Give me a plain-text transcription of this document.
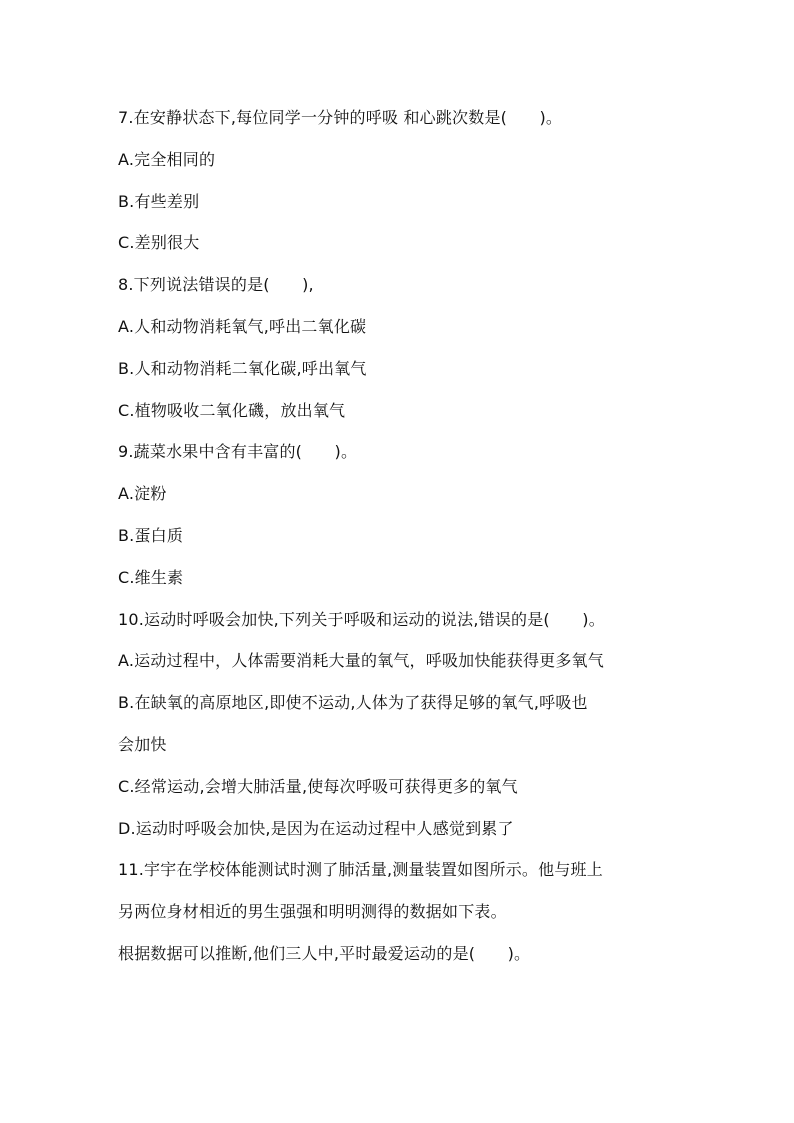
7.在安静状态下,每位同学一分钟的呼吸 和心跳次数是(　　)。
A.完全相同的
B.有些差别
C.差别很大
8.下列说法错误的是(　　),
A.人和动物消耗氧气,呼出二氧化碳
B.人和动物消耗二氧化碳,呼出氧气
C.植物吸收二氧化磯，放出氧气
9.蔬菜水果中含有丰富的(　　)。
A.淀粉
B.蛋白质
C.维生素
10.运动时呼吸会加快,下列关于呼吸和运动的说法,错误的是(　　)。
A.运动过程中，人体需要消耗大量的氧气，呼吸加快能获得更多氧气
B.在缺氧的高原地区,即使不运动,人体为了获得足够的氧气,呼吸也
会加快
C.经常运动,会增大肺活量,使每次呼吸可获得更多的氧气
D.运动时呼吸会加快,是因为在运动过程中人感觉到累了
11.宇宇在学校体能测试时测了肺活量,测量装置如图所示。他与班上
另两位身材相近的男生强强和明明测得的数据如下表。
根据数据可以推断,他们三人中,平时最爱运动的是(　　)。
